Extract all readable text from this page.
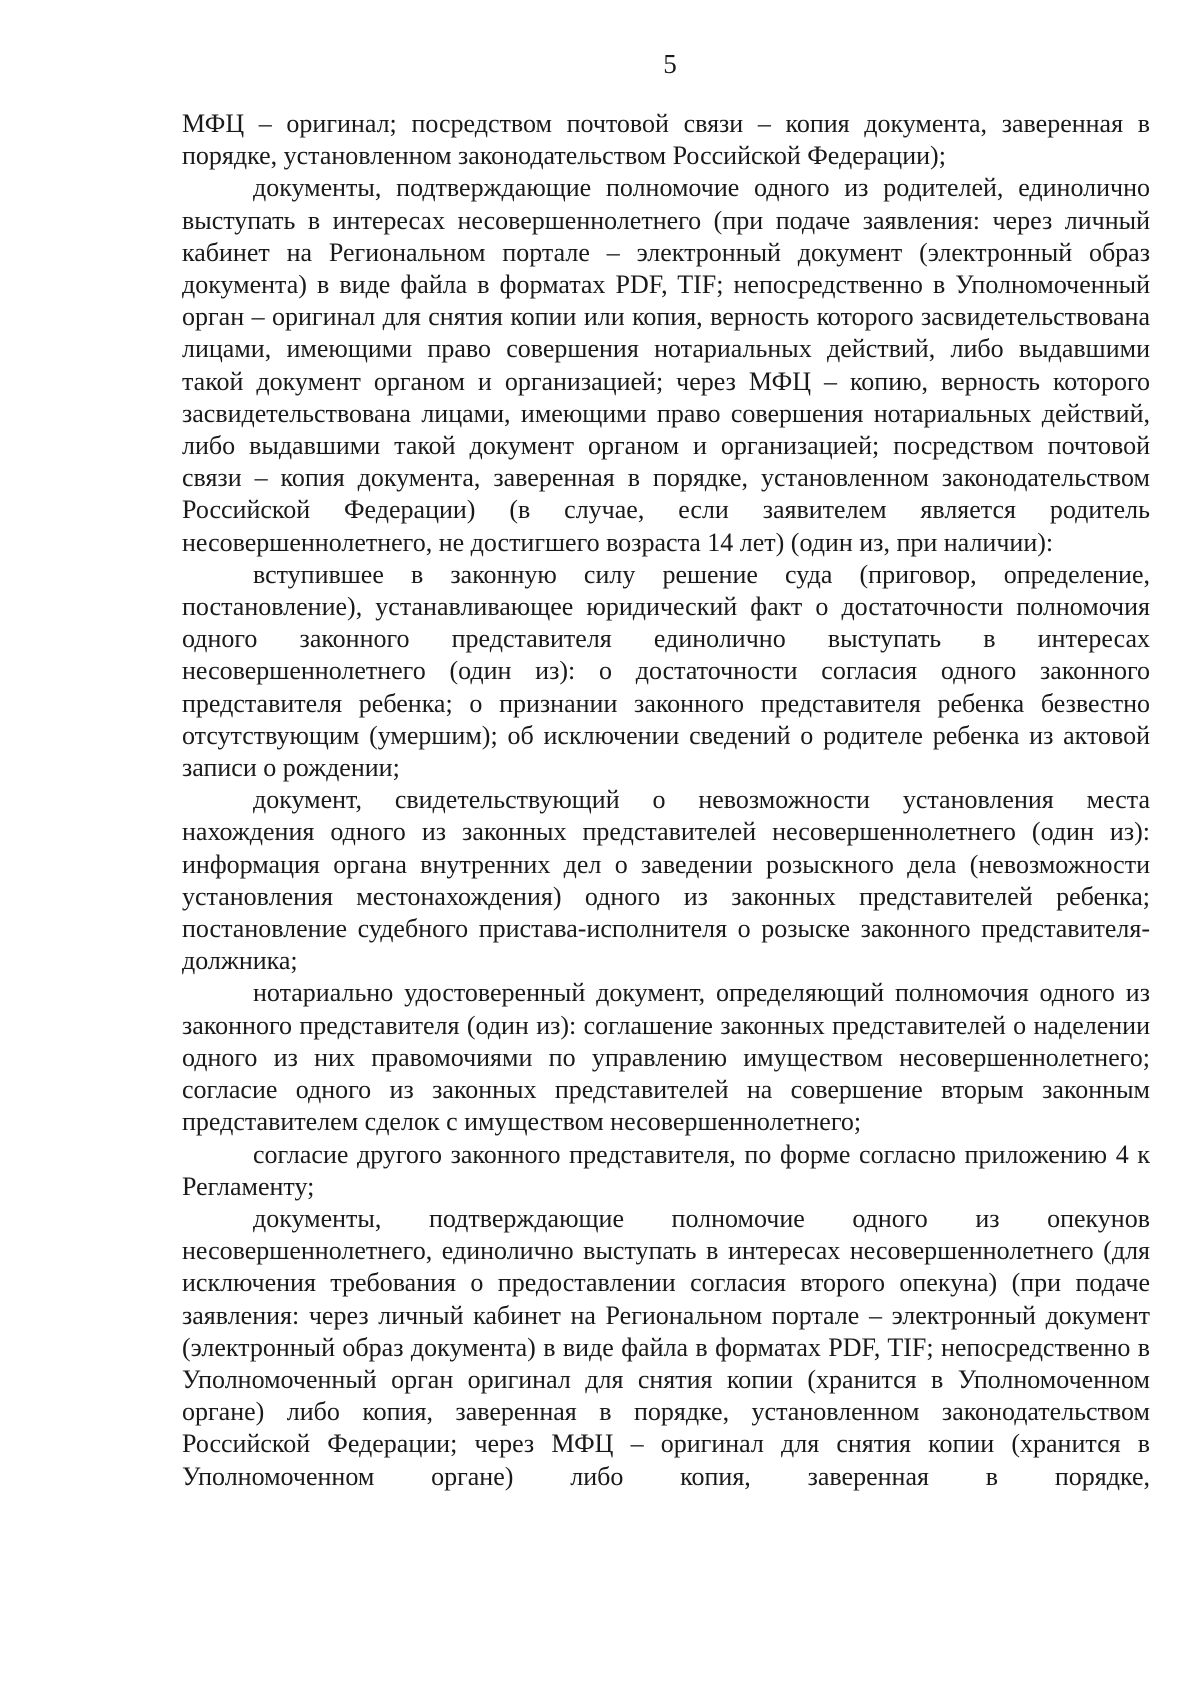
5

МФЦ – оригинал; посредством почтовой связи – копия документа, заверенная в порядке, установленном законодательством Российской Федерации);

документы, подтверждающие полномочие одного из родителей, единолично выступать в интересах несовершеннолетнего (при подаче заявления: через личный кабинет на Региональном портале – электронный документ (электронный образ документа) в виде файла в форматах PDF, TIF; непосредственно в Уполномоченный орган – оригинал для снятия копии или копия, верность которого засвидетельствована лицами, имеющими право совершения нотариальных действий, либо выдавшими такой документ органом и организацией; через МФЦ – копию, верность которого засвидетельствована лицами, имеющими право совершения нотариальных действий, либо выдавшими такой документ органом и организацией; посредством почтовой связи – копия документа, заверенная в порядке, установленном законодательством Российской Федерации) (в случае, если заявителем является родитель несовершеннолетнего, не достигшего возраста 14 лет) (один из, при наличии):

вступившее в законную силу решение суда (приговор, определение, постановление), устанавливающее юридический факт о достаточности полномочия одного законного представителя единолично выступать в интересах несовершеннолетнего (один из): о достаточности согласия одного законного представителя ребенка; о признании законного представителя ребенка безвестно отсутствующим (умершим); об исключении сведений о родителе ребенка из актовой записи о рождении;

документ, свидетельствующий о невозможности установления места нахождения одного из законных представителей несовершеннолетнего (один из): информация органа внутренних дел о заведении розыскного дела (невозможности установления местонахождения) одного из законных представителей ребенка; постановление судебного пристава-исполнителя о розыске законного представителя-должника;

нотариально удостоверенный документ, определяющий полномочия одного из законного представителя (один из): соглашение законных представителей о наделении одного из них правомочиями по управлению имуществом несовершеннолетнего; согласие одного из законных представителей на совершение вторым законным представителем сделок с имуществом несовершеннолетнего;

согласие другого законного представителя, по форме согласно приложению 4 к Регламенту;

документы, подтверждающие полномочие одного из опекунов несовершеннолетнего, единолично выступать в интересах несовершеннолетнего (для исключения требования о предоставлении согласия второго опекуна) (при подаче заявления: через личный кабинет на Региональном портале – электронный документ (электронный образ документа) в виде файла в форматах PDF, TIF; непосредственно в Уполномоченный орган оригинал для снятия копии (хранится в Уполномоченном органе) либо копия, заверенная в порядке, установленном законодательством Российской Федерации; через МФЦ – оригинал для снятия копии (хранится в Уполномоченном органе) либо копия, заверенная в порядке,
